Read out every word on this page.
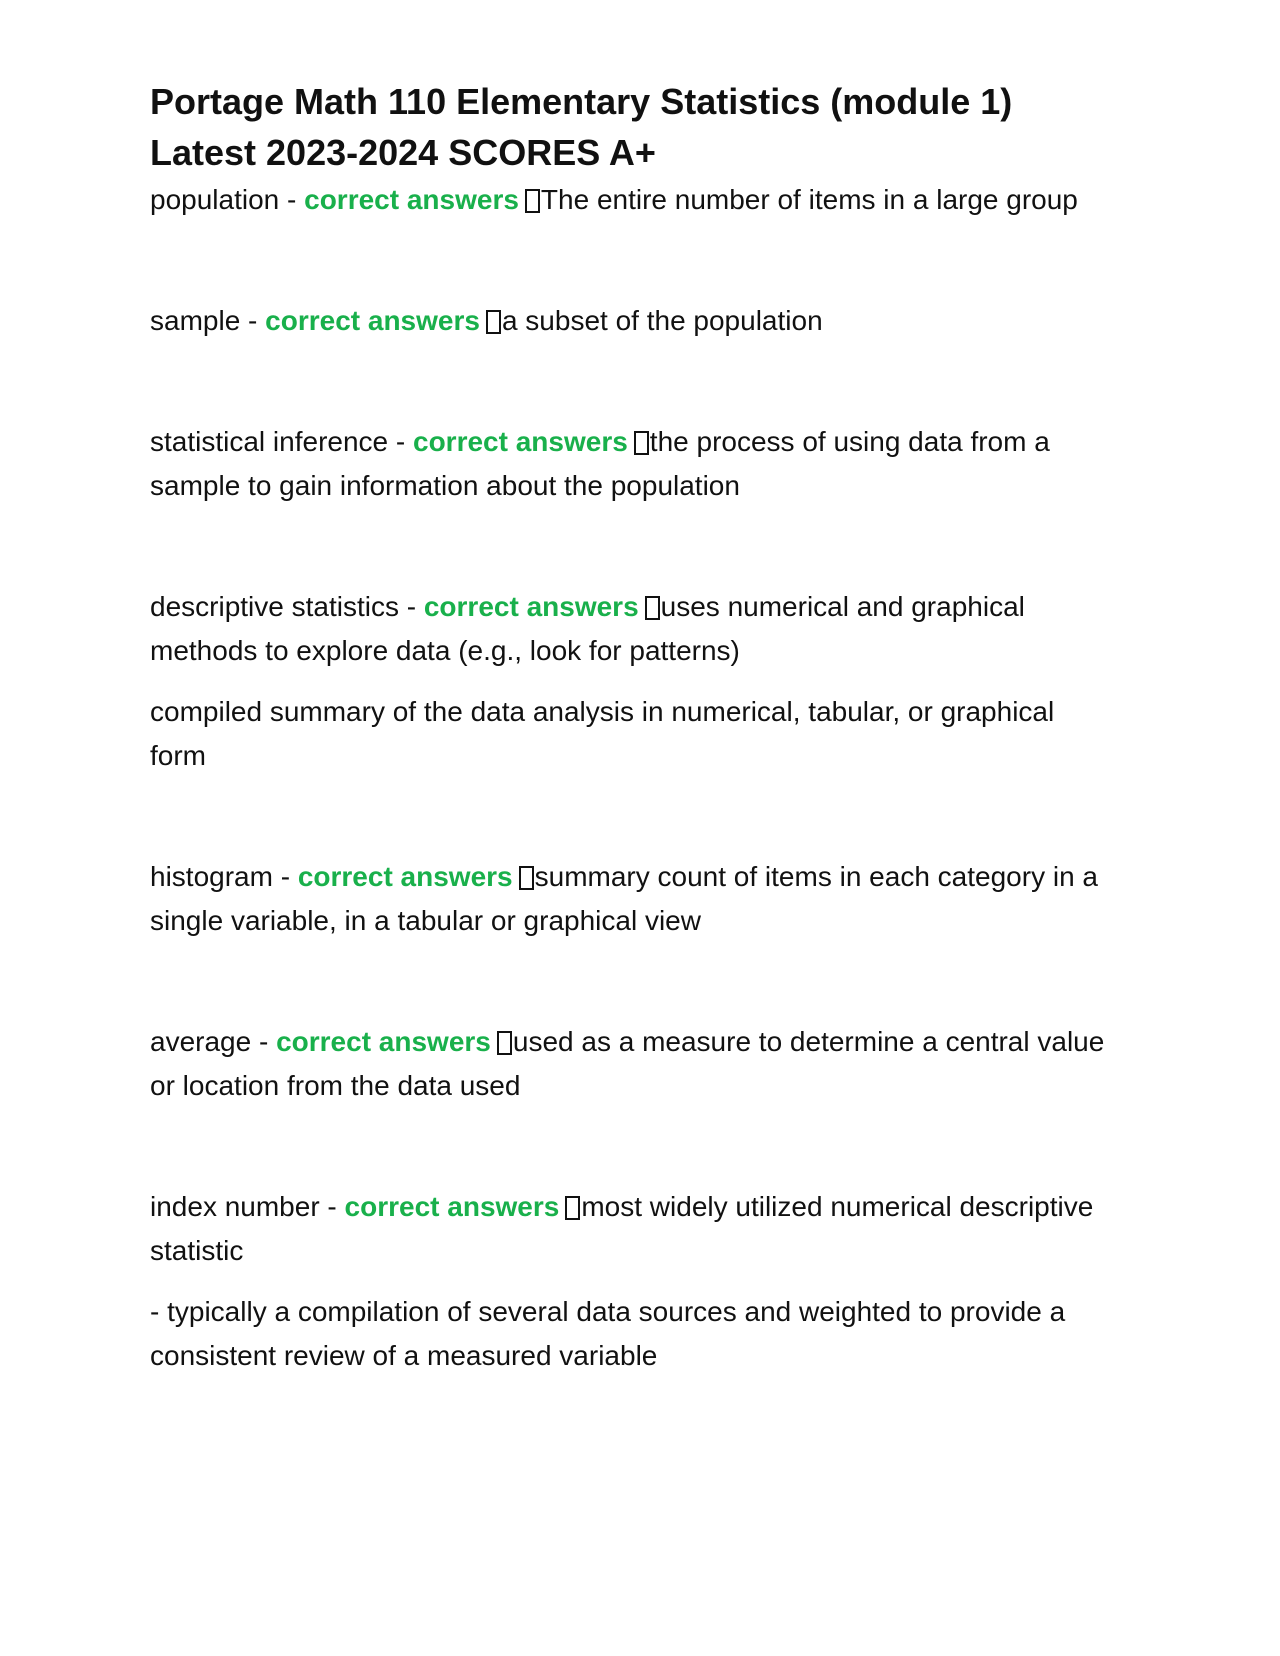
Portage Math 110 Elementary Statistics (module 1)
Latest 2023-2024 SCORES A+

population - correct answers The entire number of items in a large group

sample - correct answers a subset of the population

statistical inference - correct answers the process of using data from a

sample to gain information about the population

descriptive statistics - correct answers uses numerical and graphical

methods to explore data (e.g., look for patterns)

compiled summary of the data analysis in numerical, tabular, or graphical

form

histogram - correct answers summary count of items in each category in a

single variable, in a tabular or graphical view

average - correct answers used as a measure to determine a central value

or location from the data used

index number - correct answers most widely utilized numerical descriptive

statistic

- typically a compilation of several data sources and weighted to provide a

consistent review of a measured variable
